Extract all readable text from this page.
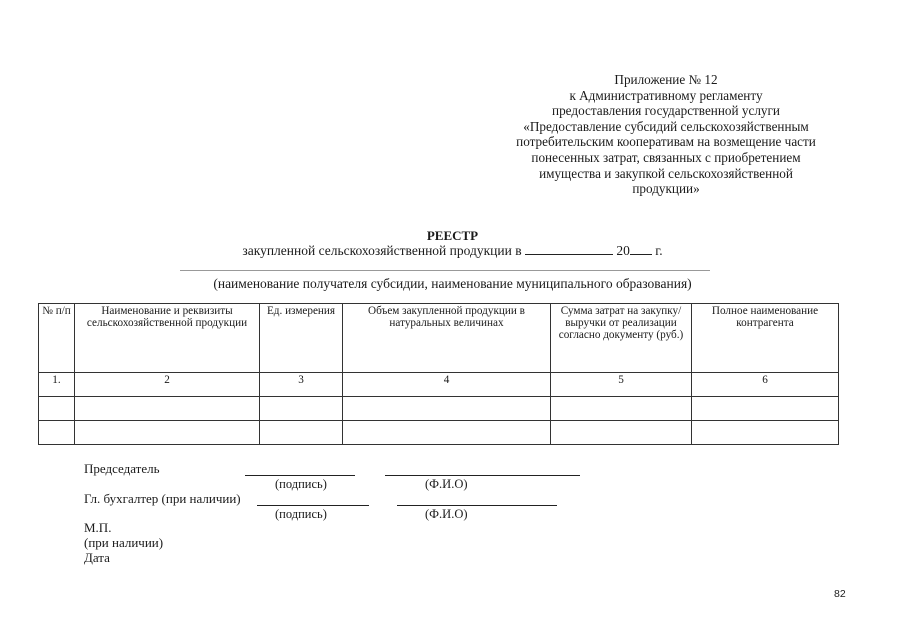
Приложение № 12
к Административному регламенту
предоставления государственной услуги
«Предоставление субсидий сельскохозяйственным
потребительским кооперативам на возмещение части
понесенных затрат, связанных с приобретением
имущества и закупкой сельскохозяйственной
продукции»
РЕЕСТР
закупленной сельскохозяйственной продукции в	20 г.
(наименование получателя субсидии, наименование муниципального образования)
№ п/п	Наименование и реквизиты сельскохозяйственной продукции	Ед. измерения	Объем закупленной продукции в натуральных величинах	Сумма затрат на закупку/выручки от реализации согласно документу (руб.)	Полное наименование контрагента
1.	2	3	4	5	6

Председатель
(подпись)	(Ф.И.О)
Гл. бухгалтер (при наличии)
(подпись)	(Ф.И.О)
М.П.
(при наличии)
Дата
82
